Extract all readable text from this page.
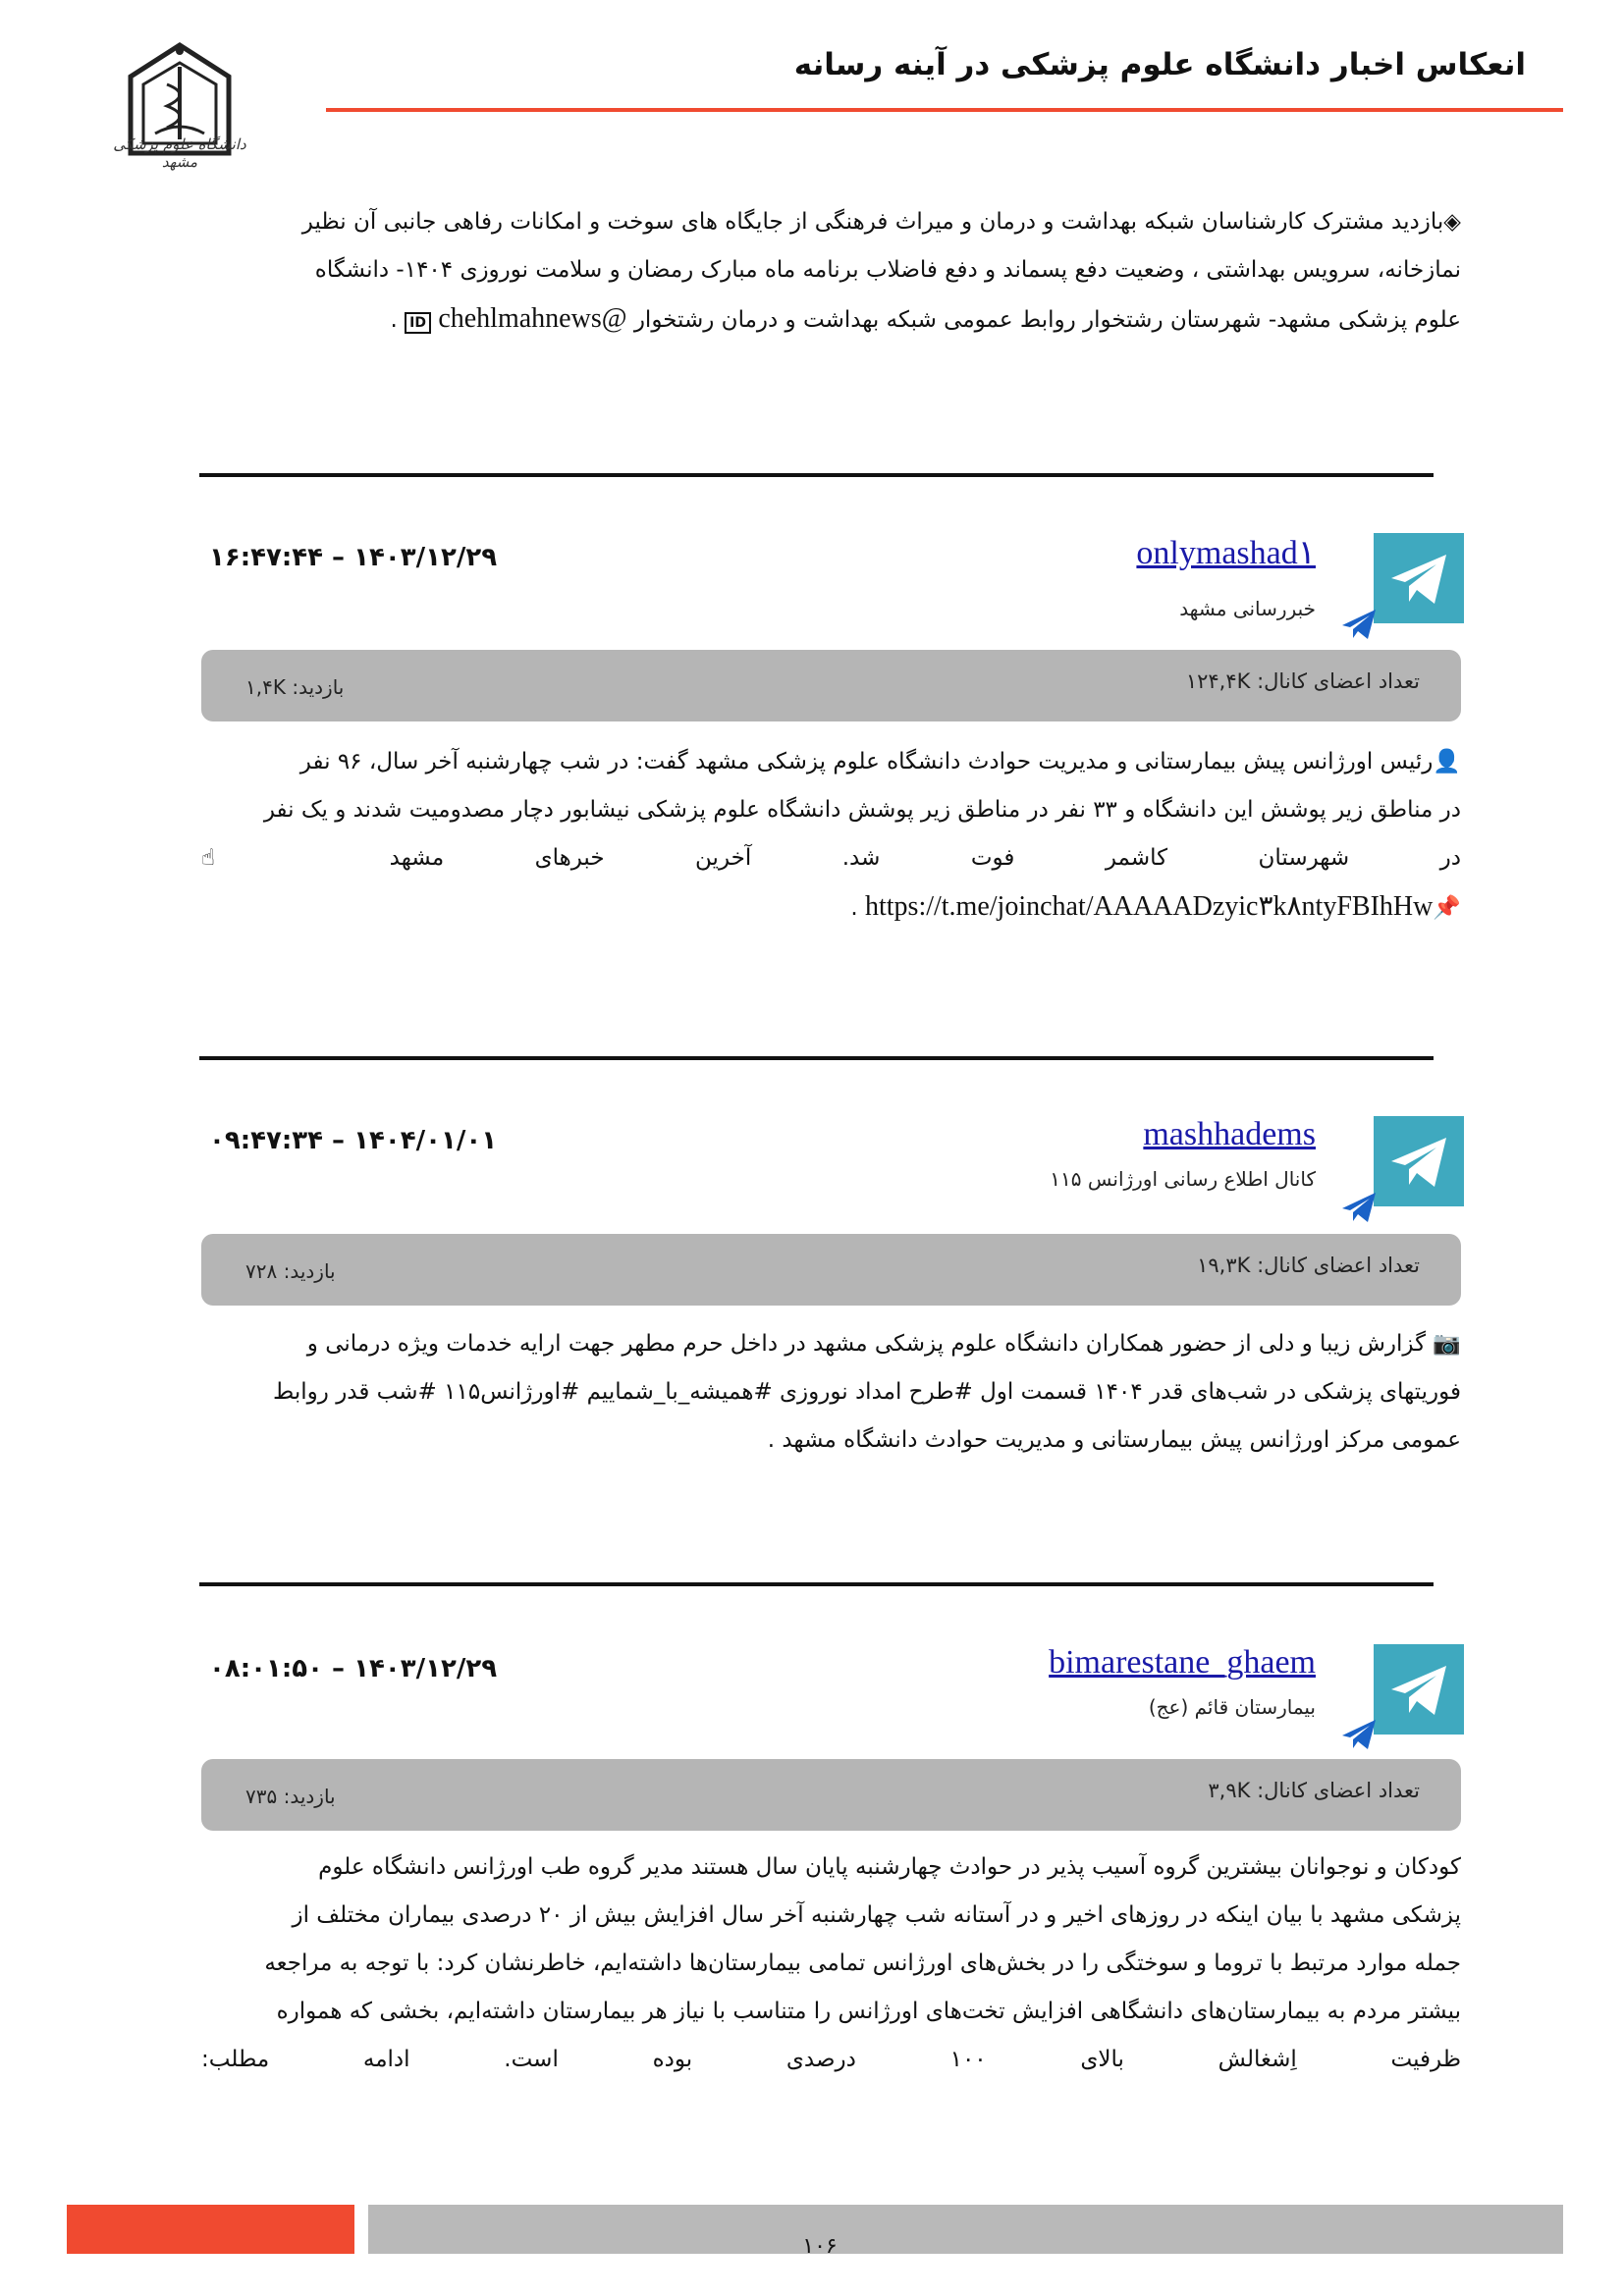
انعکاس اخبار دانشگاه علوم پزشکی در آینه رسانه
دانشگاه علوم پزشکی مشهد
◈بازدید مشترک کارشناسان شبکه بهداشت و درمان و میراث فرهنگی از جایگاه های سوخت و امکانات رفاهی جانبی آن نظیر
نمازخانه، سرویس بهداشتی ، وضعیت دفع پسماند و دفع فاضلاب برنامه ماه مبارک رمضان و سلامت نوروزی ۱۴۰۴- دانشگاه
علوم پزشکی مشهد- شهرستان رشتخوار روابط عمومی شبکه بهداشت و درمان رشتخوار @chehlmahnews ID .
onlymashad۱
خبررسانی مشهد
۱۶:۴۷:۴۴ – ۱۴۰۳/۱۲/۲۹
تعداد اعضای کانال: ۱۲۴,۴K
بازدید: ۱,۴K
👤رئیس اورژانس پیش بیمارستانی و مدیریت حوادث دانشگاه علوم پزشکی مشهد گفت: در شب چهارشنبه آخر سال، ۹۶ نفر
در مناطق زیر پوشش این دانشگاه و ۳۳ نفر در مناطق زیر پوشش دانشگاه علوم پزشکی نیشابور دچار مصدومیت شدند و یک نفر
در شهرستان کاشمر فوت شد. آخرین خبرهای مشهد ☝
📌https://t.me/joinchat/AAAAADzyic۳k۸ntyFBIhHw .
mashhadems
کانال اطلاع رسانی اورژانس ۱۱۵
۰۹:۴۷:۳۴ – ۱۴۰۴/۰۱/۰۱
تعداد اعضای کانال: ۱۹,۳K
بازدید: ۷۲۸
📷 گزارش زیبا و دلی از حضور همکاران دانشگاه علوم پزشکی مشهد در داخل حرم مطهر جهت ارایه خدمات ویژه درمانی و
فوریتهای پزشکی در شب‌های قدر ۱۴۰۴ قسمت اول #طرح امداد نوروزی #همیشه_با_شماییم #اورژانس۱۱۵ #شب قدر روابط
عمومی مرکز اورژانس پیش بیمارستانی و مدیریت حوادث دانشگاه مشهد .
bimarestane_ghaem
بیمارستان قائم (عج)
۰۸:۰۱:۵۰ – ۱۴۰۳/۱۲/۲۹
تعداد اعضای کانال: ۳,۹K
بازدید: ۷۳۵
کودکان و نوجوانان بیشترین گروه آسیب پذیر در حوادث چهارشنبه پایان سال هستند مدیر گروه طب اورژانس دانشگاه علوم
پزشکی مشهد با بیان اینکه در روزهای اخیر و در آستانه شب چهارشنبه آخر سال افزایش بیش از ۲۰ درصدی بیماران مختلف از
جمله موارد مرتبط با تروما و سوختگی را در بخش‌های اورژانس تمامی بیمارستان‌ها داشته‌ایم، خاطرنشان کرد: با توجه به مراجعه
بیشتر مردم به بیمارستان‌های دانشگاهی افزایش تخت‌های اورژانس را متناسب با نیاز هر بیمارستان داشته‌ایم، بخشی که همواره
ظرفیت اِشغالش بالای ۱۰۰ درصدی بوده است. ادامه مطلب:
۱۰۶
